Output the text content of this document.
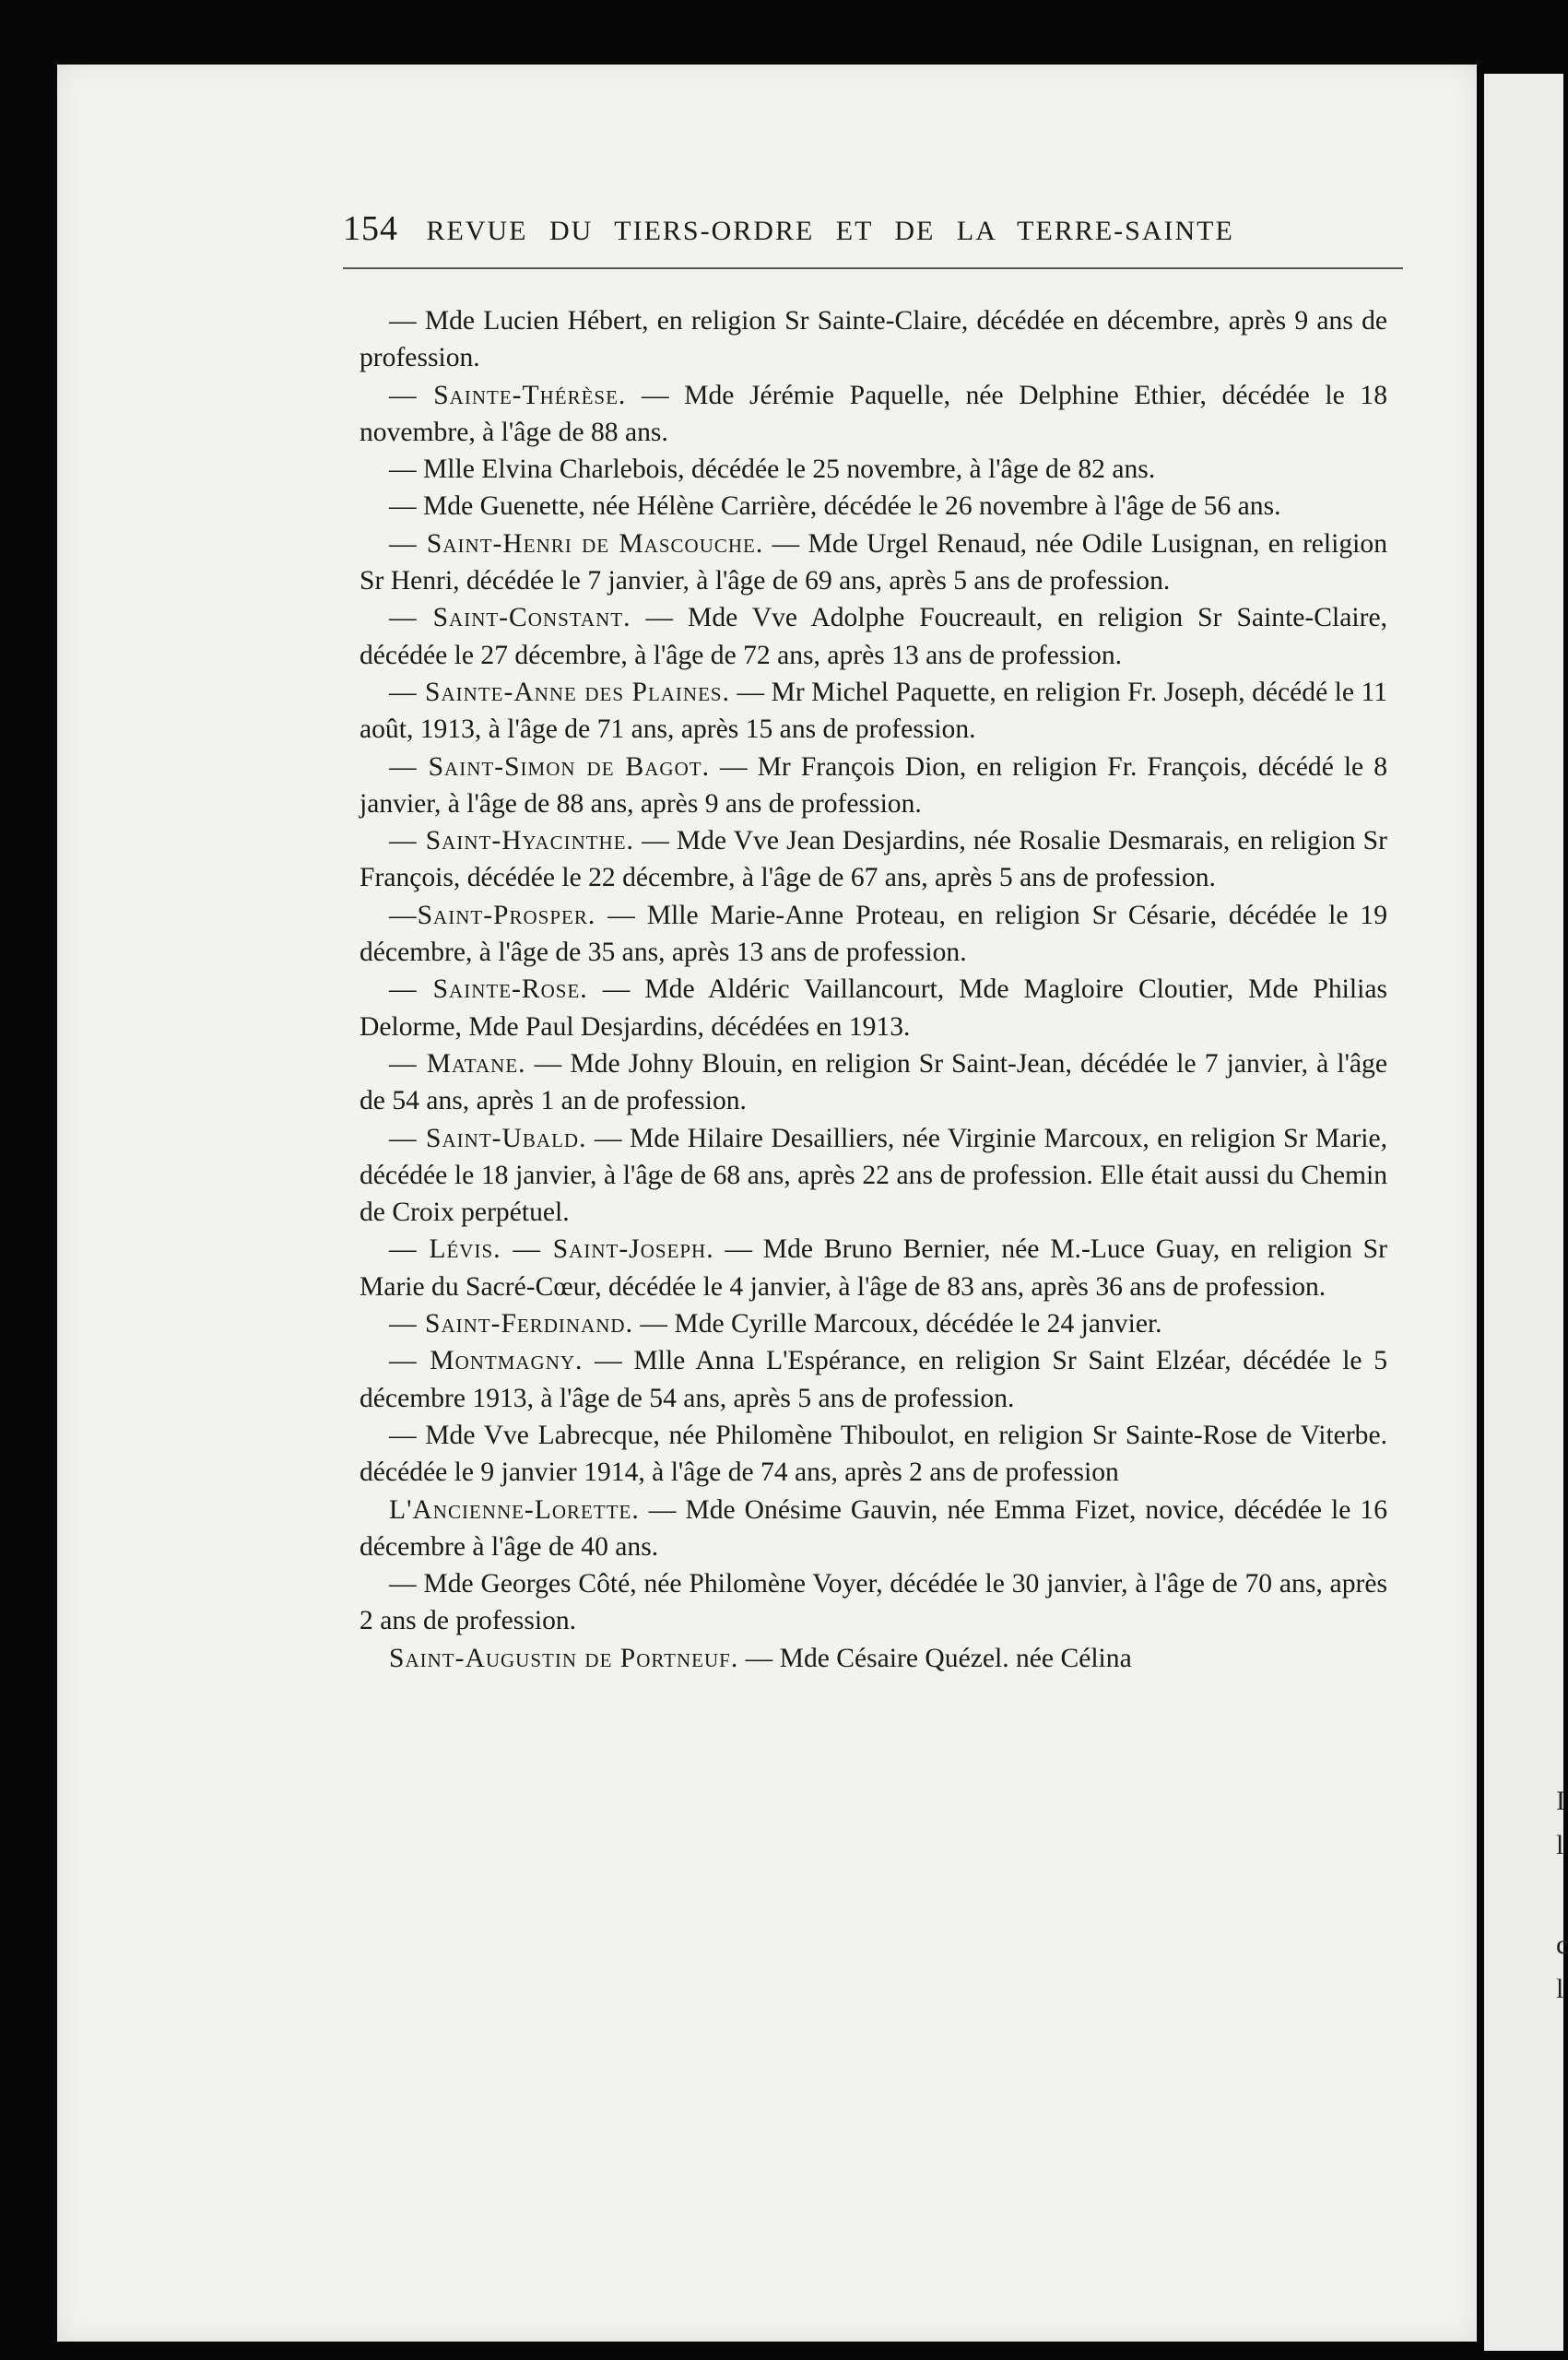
I
l
c
l
154 REVUE DU TIERS-ORDRE ET DE LA TERRE-SAINTE

— Mde Lucien Hébert, en religion Sr Sainte-Claire, décédée en décembre, après 9 ans de profession.

— Sainte-Thérèse. — Mde Jérémie Paquelle, née Delphine Ethier, décédée le 18 novembre, à l'âge de 88 ans.

— Mlle Elvina Charlebois, décédée le 25 novembre, à l'âge de 82 ans.

— Mde Guenette, née Hélène Carrière, décédée le 26 novembre à l'âge de 56 ans.

— Saint-Henri de Mascouche. — Mde Urgel Renaud, née Odile Lusignan, en religion Sr Henri, décédée le 7 janvier, à l'âge de 69 ans, après 5 ans de profession.

— Saint-Constant. — Mde Vve Adolphe Foucreault, en religion Sr Sainte-Claire, décédée le 27 décembre, à l'âge de 72 ans, après 13 ans de profession.

— Sainte-Anne des Plaines. — Mr Michel Paquette, en religion Fr. Joseph, décédé le 11 août, 1913, à l'âge de 71 ans, après 15 ans de profession.

— Saint-Simon de Bagot. — Mr François Dion, en religion Fr. François, décédé le 8 janvier, à l'âge de 88 ans, après 9 ans de profession.

— Saint-Hyacinthe. — Mde Vve Jean Desjardins, née Rosalie Desmarais, en religion Sr François, décédée le 22 décembre, à l'âge de 67 ans, après 5 ans de profession.

—Saint-Prosper. — Mlle Marie-Anne Proteau, en religion Sr Césarie, décédée le 19 décembre, à l'âge de 35 ans, après 13 ans de profession.

— Sainte-Rose. — Mde Aldéric Vaillancourt, Mde Magloire Cloutier, Mde Philias Delorme, Mde Paul Desjardins, décédées en 1913.

— Matane. — Mde Johny Blouin, en religion Sr Saint-Jean, décédée le 7 janvier, à l'âge de 54 ans, après 1 an de profession.

— Saint-Ubald. — Mde Hilaire Desailliers, née Virginie Marcoux, en religion Sr Marie, décédée le 18 janvier, à l'âge de 68 ans, après 22 ans de profession. Elle était aussi du Chemin de Croix perpétuel.

— Lévis. — Saint-Joseph. — Mde Bruno Bernier, née M.-Luce Guay, en religion Sr Marie du Sacré-Cœur, décédée le 4 janvier, à l'âge de 83 ans, après 36 ans de profession.

— Saint-Ferdinand. — Mde Cyrille Marcoux, décédée le 24 janvier.

— Montmagny. — Mlle Anna L'Espérance, en religion Sr Saint Elzéar, décédée le 5 décembre 1913, à l'âge de 54 ans, après 5 ans de profession.

— Mde Vve Labrecque, née Philomène Thiboulot, en religion Sr Sainte-Rose de Viterbe. décédée le 9 janvier 1914, à l'âge de 74 ans, après 2 ans de profession

L'Ancienne-Lorette. — Mde Onésime Gauvin, née Emma Fizet, novice, décédée le 16 décembre à l'âge de 40 ans.

— Mde Georges Côté, née Philomène Voyer, décédée le 30 janvier, à l'âge de 70 ans, après 2 ans de profession.

Saint-Augustin de Portneuf. — Mde Césaire Quézel. née Célina
